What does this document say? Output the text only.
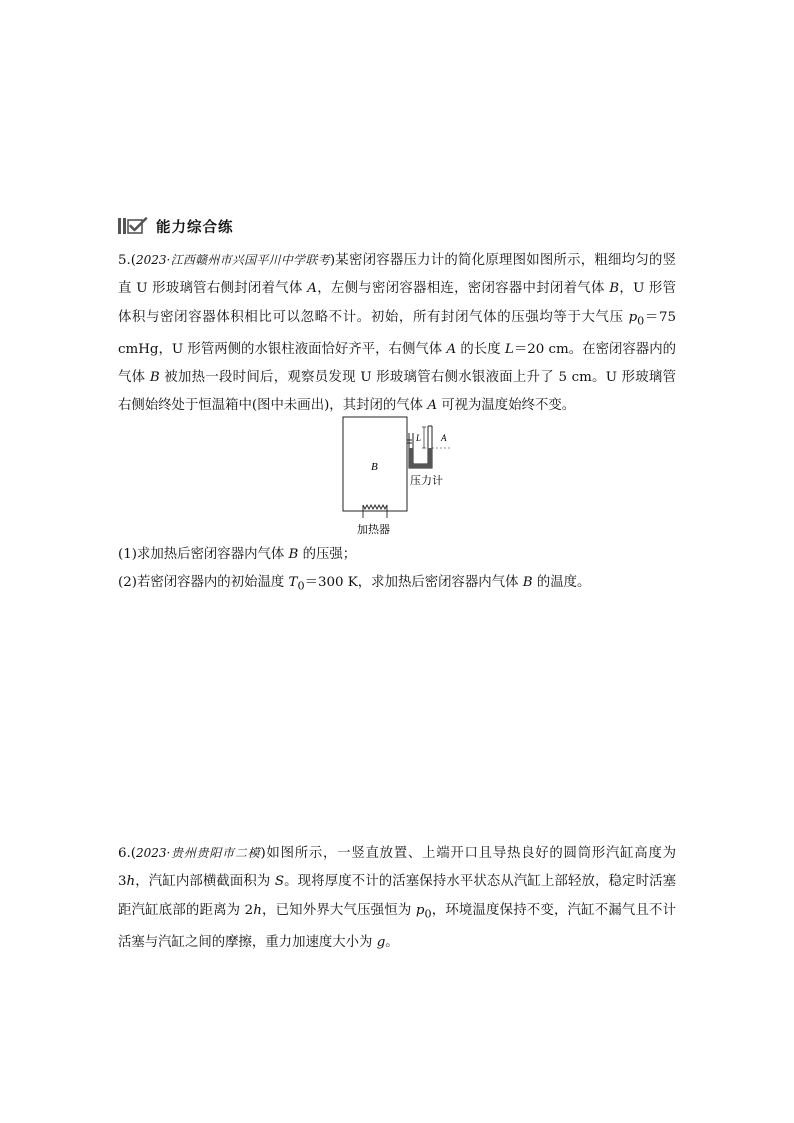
能力综合练

5.(2023·江西赣州市兴国平川中学联考)某密闭容器压力计的简化原理图如图所示，粗细均匀的竖直 U 形玻璃管右侧封闭着气体 A，左侧与密闭容器相连，密闭容器中封闭着气体 B，U 形管体积与密闭容器体积相比可以忽略不计。初始，所有封闭气体的压强均等于大气压 $p_0=75$ cmHg，U 形管两侧的水银柱液面恰好齐平，右侧气体 A 的长度 L＝20 cm。在密闭容器内的气体 B 被加热一段时间后，观察员发现 U 形玻璃管右侧水银液面上升了 5 cm。U 形玻璃管右侧始终处于恒温箱中(图中未画出)，其封闭的气体 A 可视为温度始终不变。

B
L A
压力计
加热器

(1)求加热后密闭容器内气体 B 的压强；

(2)若密闭容器内的初始温度 $T_0=300$ K，求加热后密闭容器内气体 B 的温度。

6.(2023·贵州贵阳市二模)如图所示，一竖直放置、上端开口且导热良好的圆筒形汽缸高度为 3h，汽缸内部横截面积为 S。现将厚度不计的活塞保持水平状态从汽缸上部轻放，稳定时活塞距汽缸底部的距离为 2h，已知外界大气压强恒为 $p_0$，环境温度保持不变，汽缸不漏气且不计活塞与汽缸之间的摩擦，重力加速度大小为 g。
